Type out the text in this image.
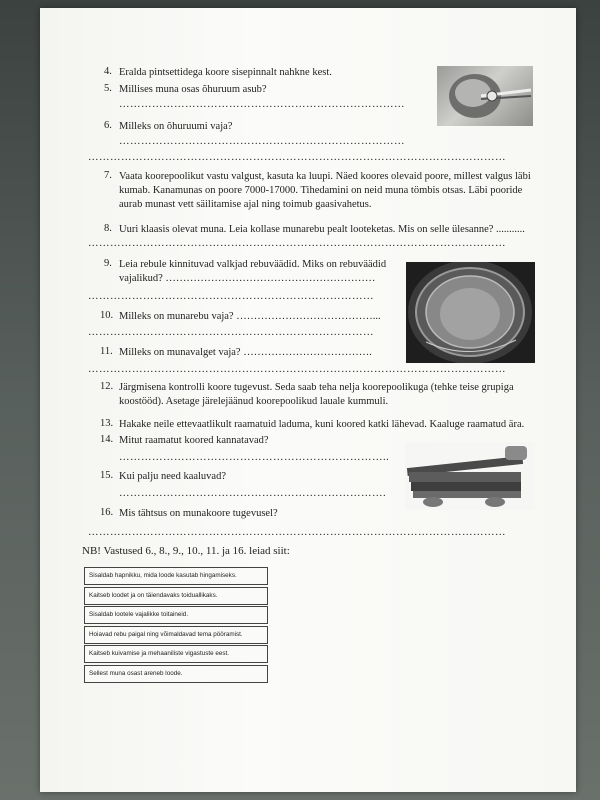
4. Eralda pintsettidega koore sisepinnalt nahkne kest.
5. Millises muna osas õhuruum asub?
……………………………………………………………………
6. Milleks on õhuruumi vaja?
……………………………………………………………………
……………………………………………………………………………………………………
7. Vaata koorepoolikut vastu valgust, kasuta ka luupi. Näed koores olevaid poore, millest valgus läbi kumab. Kanamunas on poore 7000-17000. Tihedamini on neid muna tömbis otsas. Läbi pooride aurab munast vett säilitamise ajal ning toimub gaasivahetus.
8. Uuri klaasis olevat muna. Leia kollase munarebu pealt looteketas. Mis on selle ülesanne? ...........
……………………………………………………………………………………………………
9. Leia rebule kinnituvad valkjad rebuväädid. Miks on rebuväädid
vajalikud? ……………………………………………………
……………………………………………………………………
10. Milleks on munarebu vaja? …………………………………...
……………………………………………………………………
11. Milleks on munavalget vaja? ……………………………….
……………………………………………………………………………………………………
12. Järgmisena kontrolli koore tugevust. Seda saab teha nelja koorepoolikuga (tehke teise grupiga koostööd). Asetage järelejäänud koorepoolikud lauale kummuli.
13. Hakake neile ettevaatlikult raamatuid laduma, kuni koored katki lähevad. Kaaluge raamatud ära.
14. Mitut raamatut koored kannatavad?
………………………………………………………………..
15. Kui palju need kaaluvad?
……………………………………………………………….
16. Mis tähtsus on munakoore tugevusel?
……………………………………………………………………………………………………
NB! Vastused 6., 8., 9., 10., 11. ja 16. leiad siit:
Sisaldab hapnikku, mida loode kasutab hingamiseks.
Kaitseb loodet ja on täiendavaks toiduallikaks.
Sisaldab lootele vajalikke toitaineid.
Hoiavad rebu paigal ning võimaldavad tema pööramist.
Kaitseb kuivamise ja mehaaniliste vigastuste eest.
Sellest muna osast areneb loode.
